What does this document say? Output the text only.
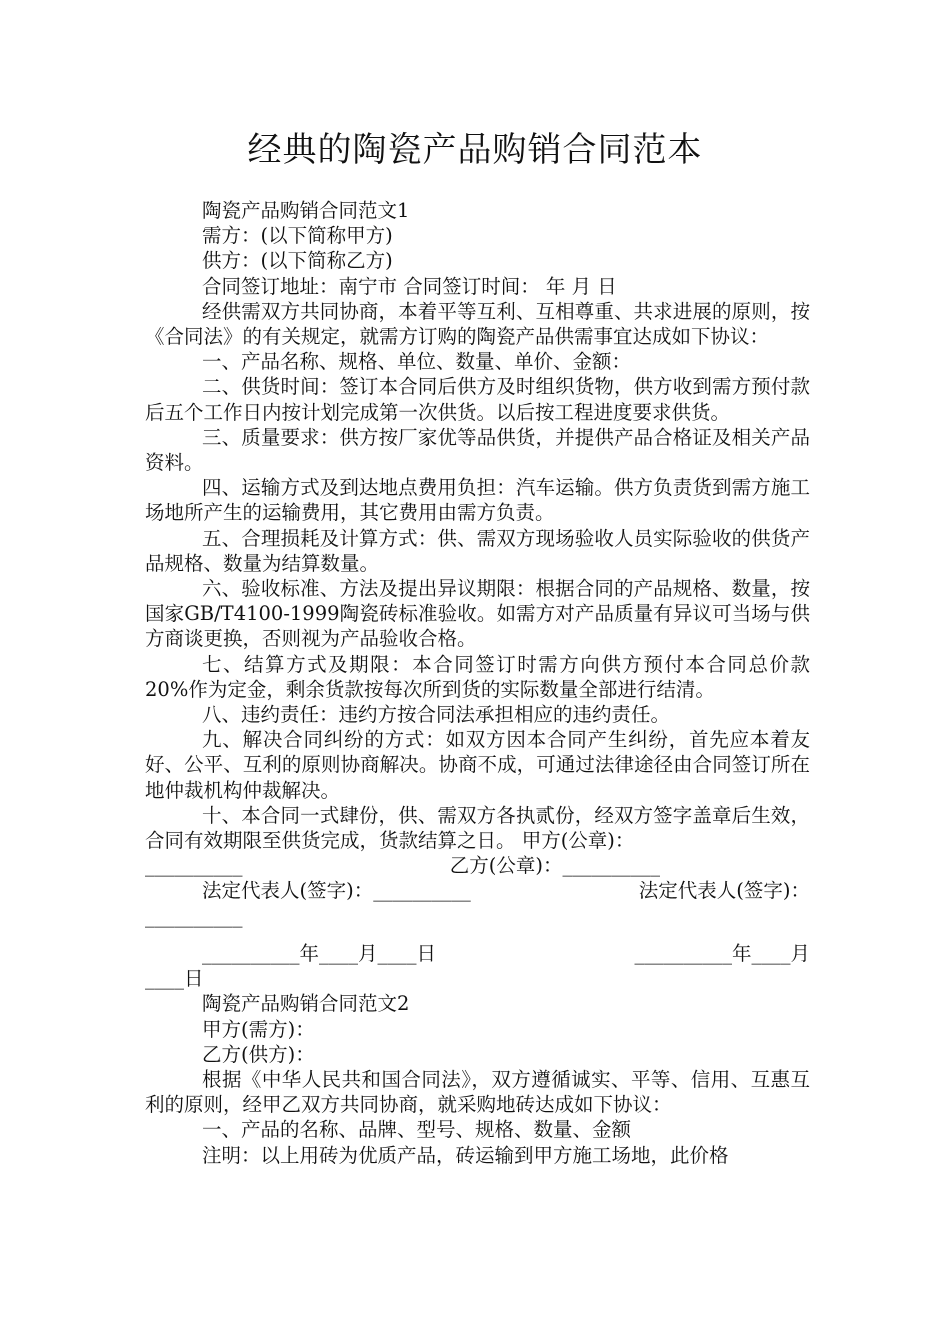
经典的陶瓷产品购销合同范本

陶瓷产品购销合同范文1

需方：(以下简称甲方)

供方：(以下简称乙方)

合同签订地址：南宁市 合同签订时间： 年 月 日

经供需双方共同协商，本着平等互利、互相尊重、共求进展的原则，按《合同法》的有关规定，就需方订购的陶瓷产品供需事宜达成如下协议：

一、产品名称、规格、单位、数量、单价、金额：

二、供货时间：签订本合同后供方及时组织货物，供方收到需方预付款后五个工作日内按计划完成第一次供货。以后按工程进度要求供货。

三、质量要求：供方按厂家优等品供货，并提供产品合格证及相关产品资料。

四、运输方式及到达地点费用负担：汽车运输。供方负责货到需方施工场地所产生的运输费用，其它费用由需方负责。

五、合理损耗及计算方式：供、需双方现场验收人员实际验收的供货产品规格、数量为结算数量。

六、验收标准、方法及提出异议期限：根据合同的产品规格、数量，按国家GB/T4100-1999陶瓷砖标准验收。如需方对产品质量有异议可当场与供方商谈更换，否则视为产品验收合格。

七、结算方式及期限：本合同签订时需方向供方预付本合同总价款20%作为定金，剩余货款按每次所到货的实际数量全部进行结清。

八、违约责任：违约方按合同法承担相应的违约责任。

九、解决合同纠纷的方式：如双方因本合同产生纠纷，首先应本着友好、公平、互利的原则协商解决。协商不成，可通过法律途径由合同签订所在地仲裁机构仲裁解决。

十、本合同一式肆份，供、需双方各执贰份，经双方签字盖章后生效，合同有效期限至供货完成，货款结算之日。 甲方(公章)：

__________	乙方(公章)：__________
法定代表人(签字)：__________	法定代表人(签字)：
__________
__________年____月____日	__________年____月
____日

陶瓷产品购销合同范文2

甲方(需方)：

乙方(供方)：

根据《中华人民共和国合同法》，双方遵循诚实、平等、信用、互惠互利的原则，经甲乙双方共同协商，就采购地砖达成如下协议：

一、产品的名称、品牌、型号、规格、数量、金额

注明：以上用砖为优质产品，砖运输到甲方施工场地，此价格
